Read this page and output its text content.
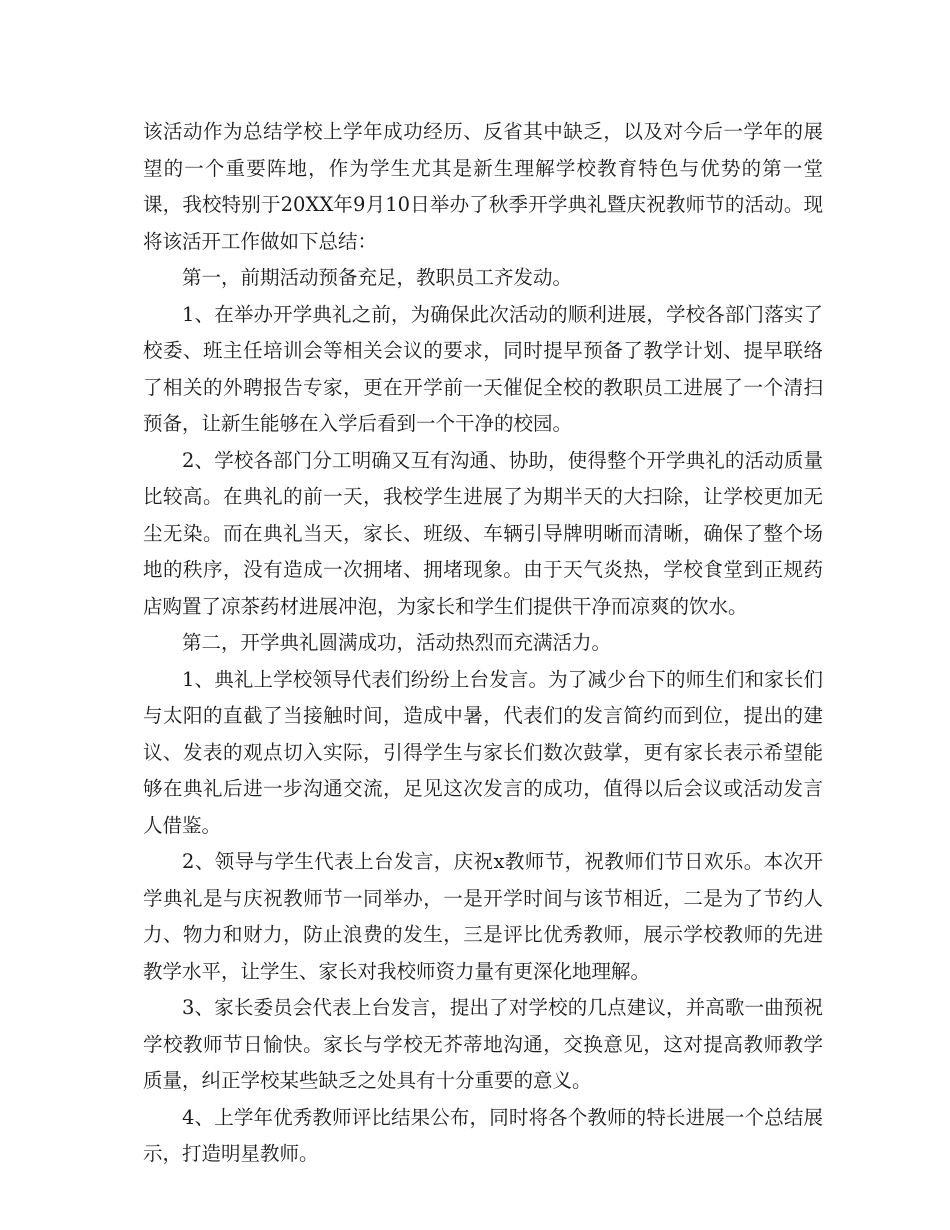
该活动作为总结学校上学年成功经历、反省其中缺乏，以及对今后一学年的展望的一个重要阵地，作为学生尤其是新生理解学校教育特色与优势的第一堂课，我校特别于20XX年9月10日举办了秋季开学典礼暨庆祝教师节的活动。现将该活开工作做如下总结：

第一，前期活动预备充足，教职员工齐发动。

1、在举办开学典礼之前，为确保此次活动的顺利进展，学校各部门落实了校委、班主任培训会等相关会议的要求，同时提早预备了教学计划、提早联络了相关的外聘报告专家，更在开学前一天催促全校的教职员工进展了一个清扫预备，让新生能够在入学后看到一个干净的校园。

2、学校各部门分工明确又互有沟通、协助，使得整个开学典礼的活动质量比较高。在典礼的前一天，我校学生进展了为期半天的大扫除，让学校更加无尘无染。而在典礼当天，家长、班级、车辆引导牌明晰而清晰，确保了整个场地的秩序，没有造成一次拥堵、拥堵现象。由于天气炎热，学校食堂到正规药店购置了凉茶药材进展冲泡，为家长和学生们提供干净而凉爽的饮水。

第二，开学典礼圆满成功，活动热烈而充满活力。

1、典礼上学校领导代表们纷纷上台发言。为了减少台下的师生们和家长们与太阳的直截了当接触时间，造成中暑，代表们的发言简约而到位，提出的建议、发表的观点切入实际，引得学生与家长们数次鼓掌，更有家长表示希望能够在典礼后进一步沟通交流，足见这次发言的成功，值得以后会议或活动发言人借鉴。

2、领导与学生代表上台发言，庆祝x教师节，祝教师们节日欢乐。本次开学典礼是与庆祝教师节一同举办，一是开学时间与该节相近，二是为了节约人力、物力和财力，防止浪费的发生，三是评比优秀教师，展示学校教师的先进教学水平，让学生、家长对我校师资力量有更深化地理解。

3、家长委员会代表上台发言，提出了对学校的几点建议，并高歌一曲预祝学校教师节日愉快。家长与学校无芥蒂地沟通，交换意见，这对提高教师教学质量，纠正学校某些缺乏之处具有十分重要的意义。

4、上学年优秀教师评比结果公布，同时将各个教师的特长进展一个总结展示，打造明星教师。
